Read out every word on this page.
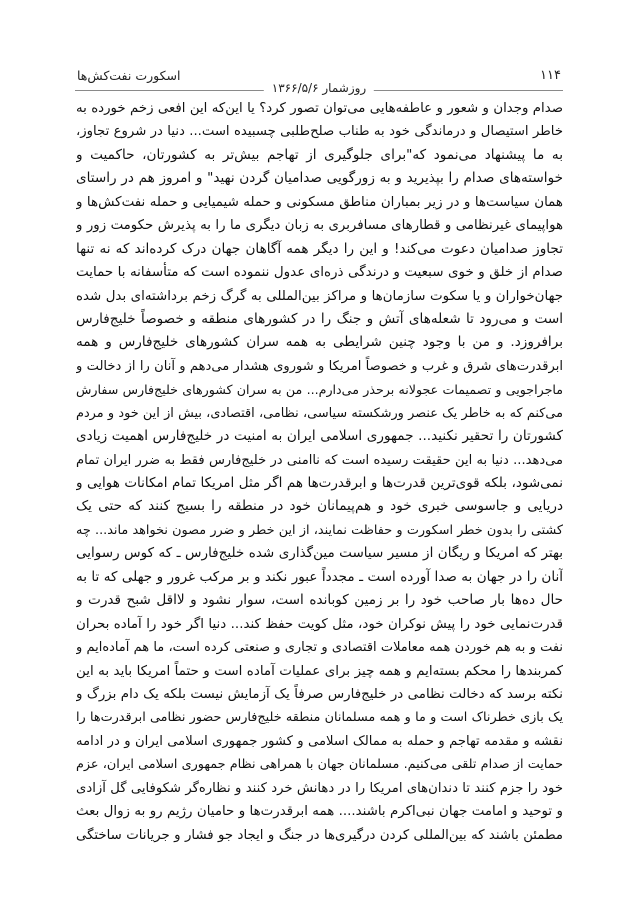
۱۱۴
اسکورت نفت‌کش‌ها
روزشمار ۱۳۶۶/۵/۶
صدام وجدان و شعور و عاطفه‌هایی می‌توان تصور کرد؟ یا این‌که این افعی زخم خورده به
خاطر استیصال و درماندگی خود به طناب صلح‌طلبی چسبیده است... دنیا در شروع تجاوز،
به ما پیشنهاد می‌نمود که"برای جلوگیری از تهاجم بیش‌تر به کشورتان، حاکمیت و
خواسته‌های صدام را بپذیرید و به زورگویی صدامیان گردن نهید" و امروز هم در راستای
همان سیاست‌ها و در زیر بمباران مناطق مسکونی و حمله شیمیایی و حمله نفت‌کش‌ها و
هواپیمای غیرنظامی و قطارهای مسافربری به زبان دیگری ما را به پذیرش حکومت زور و
تجاوز صدامیان دعوت می‌کند! و این را دیگر همه آگاهان جهان درک کرده‌اند که نه تنها
صدام از خلق و خوی سبعیت و درندگی ذره‌ای عدول ننموده است که متأسفانه با حمایت
جهان‌خواران و یا سکوت سازمان‌ها و مراکز بین‌المللی به گرگ زخم برداشته‌ای بدل شده
است و می‌رود تا شعله‌های آتش و جنگ را در کشورهای منطقه و خصوصاً خلیج‌فارس
برافروزد. و من با وجود چنین شرایطی به همه سران کشورهای خلیج‌فارس و همه
ابرقدرت‌های شرق و غرب و خصوصاً امریکا و شوروی هشدار می‌دهم و آنان را از دخالت و
ماجراجویی و تصمیمات عجولانه برحذر می‌دارم... من به سران کشورهای خلیج‌فارس سفارش
می‌کنم که به خاطر یک عنصر ورشکسته سیاسی، نظامی، اقتصادی، بیش از این خود و مردم
کشورتان را تحقیر نکنید... جمهوری اسلامی ایران به امنیت در خلیج‌فارس اهمیت زیادی
می‌دهد... دنیا به این حقیقت رسیده است که ناامنی در خلیج‌فارس فقط به ضرر ایران تمام
نمی‌شود، بلکه قوی‌ترین قدرت‌ها و ابرقدرت‌ها هم اگر مثل امریکا تمام امکانات هوایی و
دریایی و جاسوسی خبری خود و هم‌پیمانان خود در منطقه را بسیج کنند که حتی یک
کشتی را بدون خطر اسکورت و حفاظت نمایند، از این خطر و ضرر مصون نخواهد ماند... چه
بهتر که امریکا و ریگان از مسیر سیاست مین‌گذاری شده خلیج‌فارس ـ که کوس رسوایی
آنان را در جهان به صدا آورده است ـ مجدداً عبور نکند و بر مرکب غرور و جهلی که تا به
حال ده‌ها بار صاحب خود را بر زمین کوبانده است، سوار نشود و لااقل شبح قدرت و
قدرت‌نمایی خود را پیش نوکران خود، مثل کویت حفظ کند... دنیا اگر خود را آماده بحران
نفت و به هم خوردن همه معاملات اقتصادی و تجاری و صنعتی کرده است، ما هم آماده‌ایم و
کمربندها را محکم بسته‌ایم و همه چیز برای عملیات آماده است و حتماً امریکا باید به این
نکته برسد که دخالت نظامی در خلیج‌فارس صرفاً یک آزمایش نیست بلکه یک دام بزرگ و
یک بازی خطرناک است و ما و همه مسلمانان منطقه خلیج‌فارس حضور نظامی ابرقدرت‌ها را
نقشه و مقدمه تهاجم و حمله به ممالک اسلامی و کشور جمهوری اسلامی ایران و در ادامه
حمایت از صدام تلقی می‌کنیم. مسلمانان جهان با همراهی نظام جمهوری اسلامی ایران، عزم
خود را جزم کنند تا دندان‌های امریکا را در دهانش خرد کنند و نظاره‌گر شکوفایی گل آزادی
و توحید و امامت جهان نبی‌اکرم باشند.... همه ابرقدرت‌ها و حامیان رژیم رو به زوال بعث
مطمئن باشند که بین‌المللی کردن درگیری‌ها در جنگ و ایجاد جو فشار و جریانات ساختگی
